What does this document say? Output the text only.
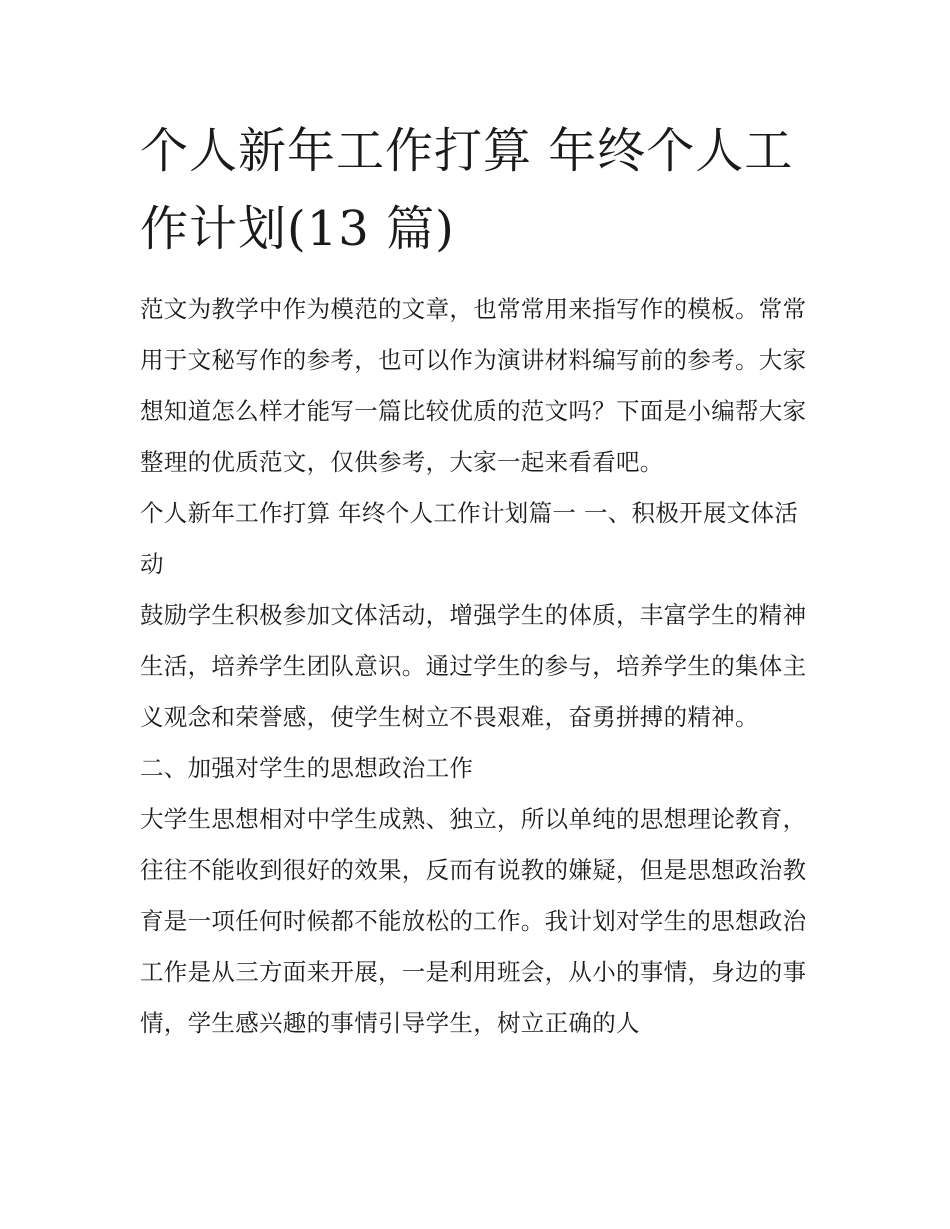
个人新年工作打算 年终个人工作计划(13 篇)

范文为教学中作为模范的文章，也常常用来指写作的模板。常常用于文秘写作的参考，也可以作为演讲材料编写前的参考。大家想知道怎么样才能写一篇比较优质的范文吗？下面是小编帮大家整理的优质范文，仅供参考，大家一起来看看吧。

个人新年工作打算 年终个人工作计划篇一 一、积极开展文体活动

鼓励学生积极参加文体活动，增强学生的体质，丰富学生的精神生活，培养学生团队意识。通过学生的参与，培养学生的集体主义观念和荣誉感，使学生树立不畏艰难，奋勇拼搏的精神。

二、加强对学生的思想政治工作

大学生思想相对中学生成熟、独立，所以单纯的思想理论教育，往往不能收到很好的效果，反而有说教的嫌疑，但是思想政治教育是一项任何时候都不能放松的工作。我计划对学生的思想政治工作是从三方面来开展，一是利用班会，从小的事情，身边的事情，学生感兴趣的事情引导学生，树立正确的人
